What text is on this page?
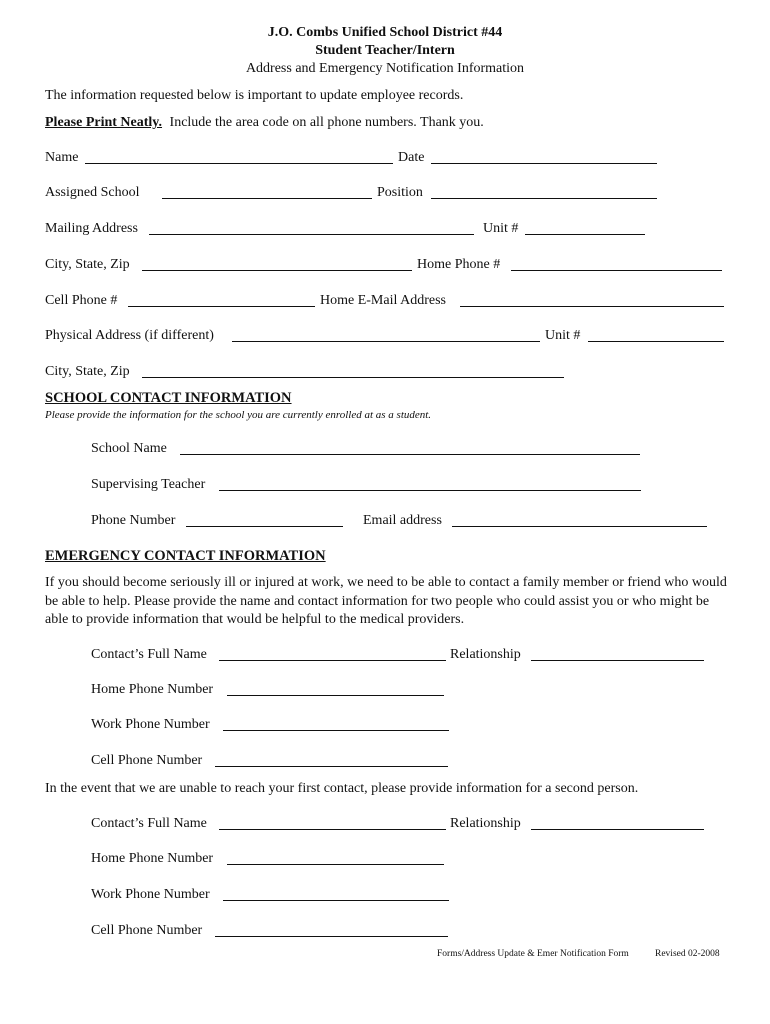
J.O. Combs Unified School District #44
Student Teacher/Intern
Address and Emergency Notification Information
The information requested below is important to update employee records.
Please Print Neatly. Include the area code on all phone numbers. Thank you.
Name	Date
Assigned School	Position
Mailing Address	Unit #
City, State, Zip	Home Phone #
Cell Phone #	Home E-Mail Address
Physical Address (if different)	Unit #
City, State, Zip
SCHOOL CONTACT INFORMATION
Please provide the information for the school you are currently enrolled at as a student.
School Name
Supervising Teacher
Phone Number	Email address
EMERGENCY CONTACT INFORMATION
If you should become seriously ill or injured at work, we need to be able to contact a family member or friend who would be able to help. Please provide the name and contact information for two people who could assist you or who might be able to provide information that would be helpful to the medical providers.
Contact’s Full Name	Relationship
Home Phone Number
Work Phone Number
Cell Phone Number
In the event that we are unable to reach your first contact, please provide information for a second person.
Contact’s Full Name	Relationship
Home Phone Number
Work Phone Number
Cell Phone Number
Forms/Address Update & Emer Notification Form	Revised 02-2008
